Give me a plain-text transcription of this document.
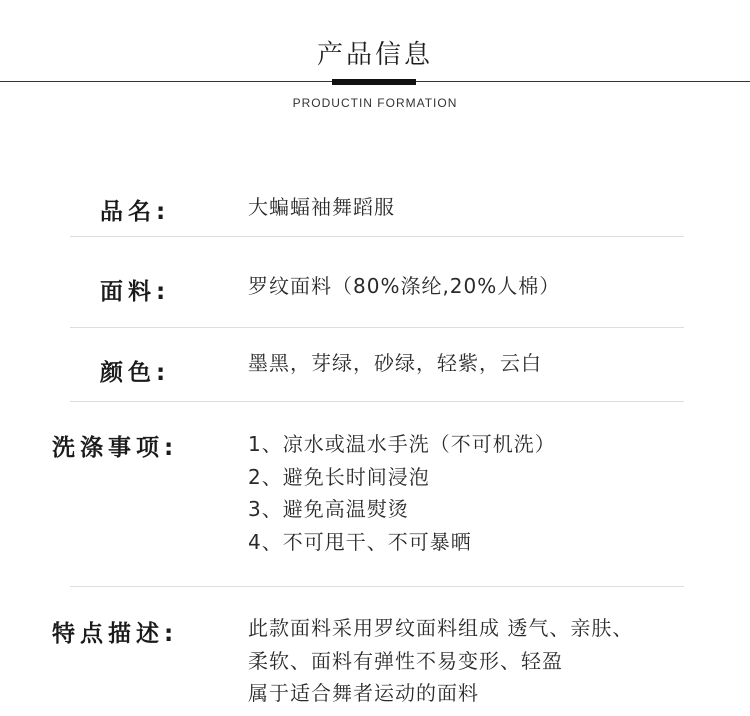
产品信息
PRODUCTIN FORMATION
品名:	大蝙蝠袖舞蹈服
面料:	罗纹面料（80%涤纶,20%人棉）
颜色:	墨黑，芽绿，砂绿，轻紫，云白
洗涤事项:	1、凉水或温水手洗（不可机洗）
2、避免长时间浸泡
3、避免高温熨烫
4、不可甩干、不可暴晒
特点描述:	此款面料采用罗纹面料组成 透气、亲肤、
柔软、面料有弹性不易变形、轻盈
属于适合舞者运动的面料
